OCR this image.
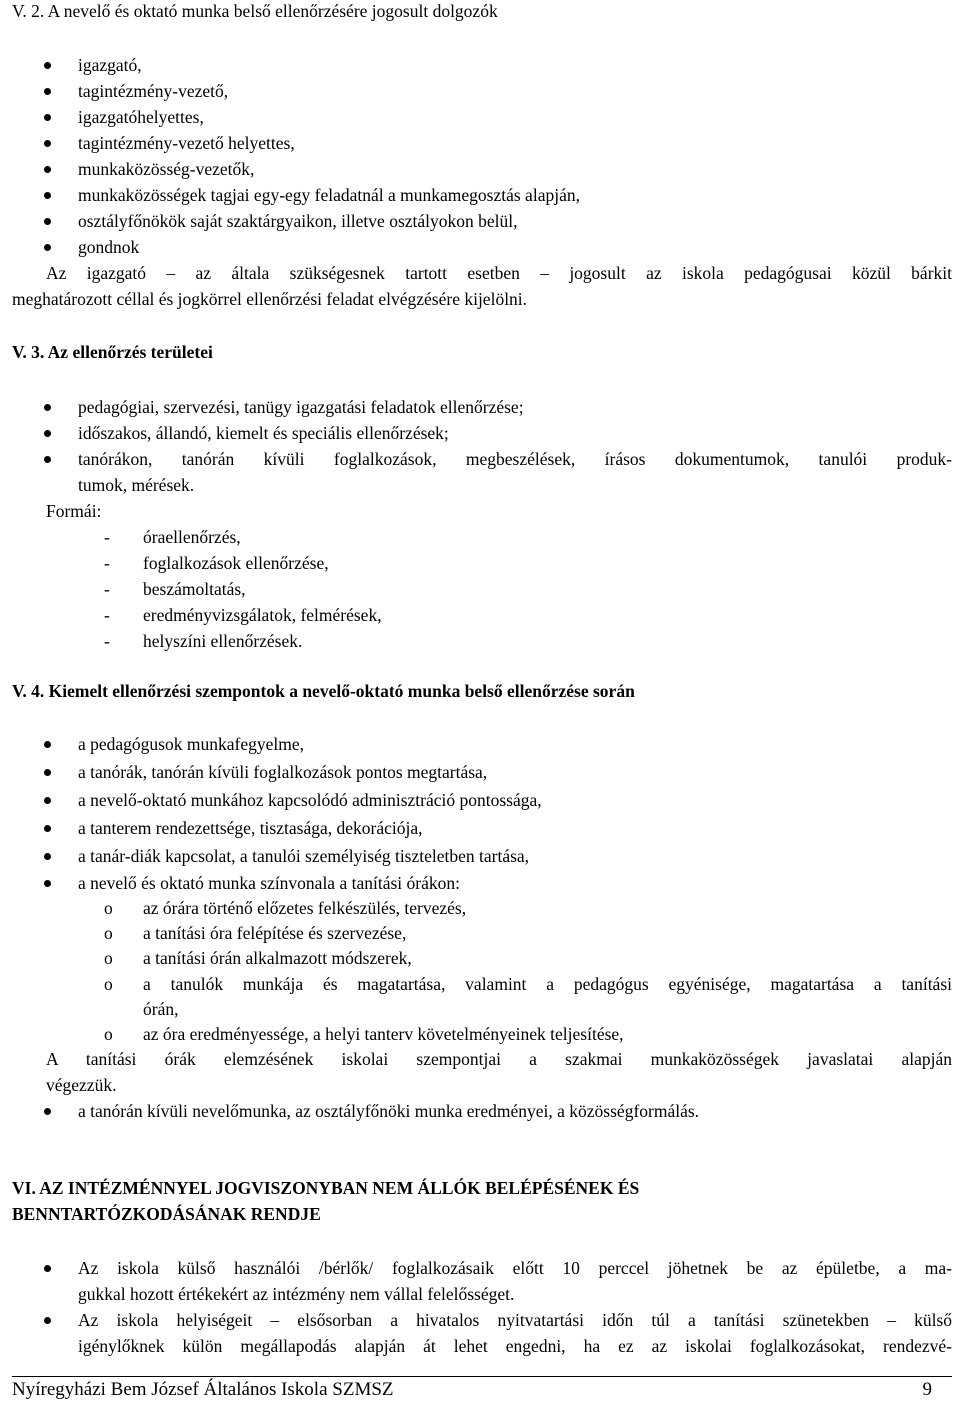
V. 2. A nevelő és oktató munka belső ellenőrzésére jogosult dolgozók
igazgató,
tagintézmény-vezető,
igazgatóhelyettes,
tagintézmény-vezető helyettes,
munkaközösség-vezetők,
munkaközösségek tagjai egy-egy feladatnál a munkamegosztás alapján,
osztályfőnökök saját szaktárgyaikon, illetve osztályokon belül,
gondnok
Az igazgató – az általa szükségesnek tartott esetben – jogosult az iskola pedagógusai közül bárkit
meghatározott céllal és jogkörrel ellenőrzési feladat elvégzésére kijelölni.
V. 3. Az ellenőrzés területei
pedagógiai, szervezési, tanügy igazgatási feladatok ellenőrzése;
időszakos, állandó, kiemelt és speciális ellenőrzések;
tanórákon, tanórán kívüli foglalkozások, megbeszélések, írásos dokumentumok, tanulói produk-
tumok, mérések.
Formái:
- óraellenőrzés,
- foglalkozások ellenőrzése,
- beszámoltatás,
- eredményvizsgálatok, felmérések,
- helyszíni ellenőrzések.
V. 4. Kiemelt ellenőrzési szempontok a nevelő-oktató munka belső ellenőrzése során
a pedagógusok munkafegyelme,
a tanórák, tanórán kívüli foglalkozások pontos megtartása,
a nevelő-oktató munkához kapcsolódó adminisztráció pontossága,
a tanterem rendezettsége, tisztasága, dekorációja,
a tanár-diák kapcsolat, a tanulói személyiség tiszteletben tartása,
a nevelő és oktató munka színvonala a tanítási órákon:
o az órára történő előzetes felkészülés, tervezés,
o a tanítási óra felépítése és szervezése,
o a tanítási órán alkalmazott módszerek,
o a tanulók munkája és magatartása, valamint a pedagógus egyénisége, magatartása a tanítási
órán,
o az óra eredményessége, a helyi tanterv követelményeinek teljesítése,
A tanítási órák elemzésének iskolai szempontjai a szakmai munkaközösségek javaslatai alapján
végezzük.
a tanórán kívüli nevelőmunka, az osztályfőnöki munka eredményei, a közösségformálás.
VI. AZ INTÉZMÉNNYEL JOGVISZONYBAN NEM ÁLLÓK BELÉPÉSÉNEK ÉS
BENNTARTÓZKODÁSÁNAK RENDJE
Az iskola külső használói /bérlők/ foglalkozásaik előtt 10 perccel jöhetnek be az épületbe, a ma-
gukkal hozott értékekért az intézmény nem vállal felelősséget.
Az iskola helyiségeit – elsősorban a hivatalos nyitvatartási időn túl a tanítási szünetekben – külső
igénylőknek külön megállapodás alapján át lehet engedni, ha ez az iskolai foglalkozásokat, rendezvé-
Nyíregyházi Bem József Általános Iskola SZMSZ	9
